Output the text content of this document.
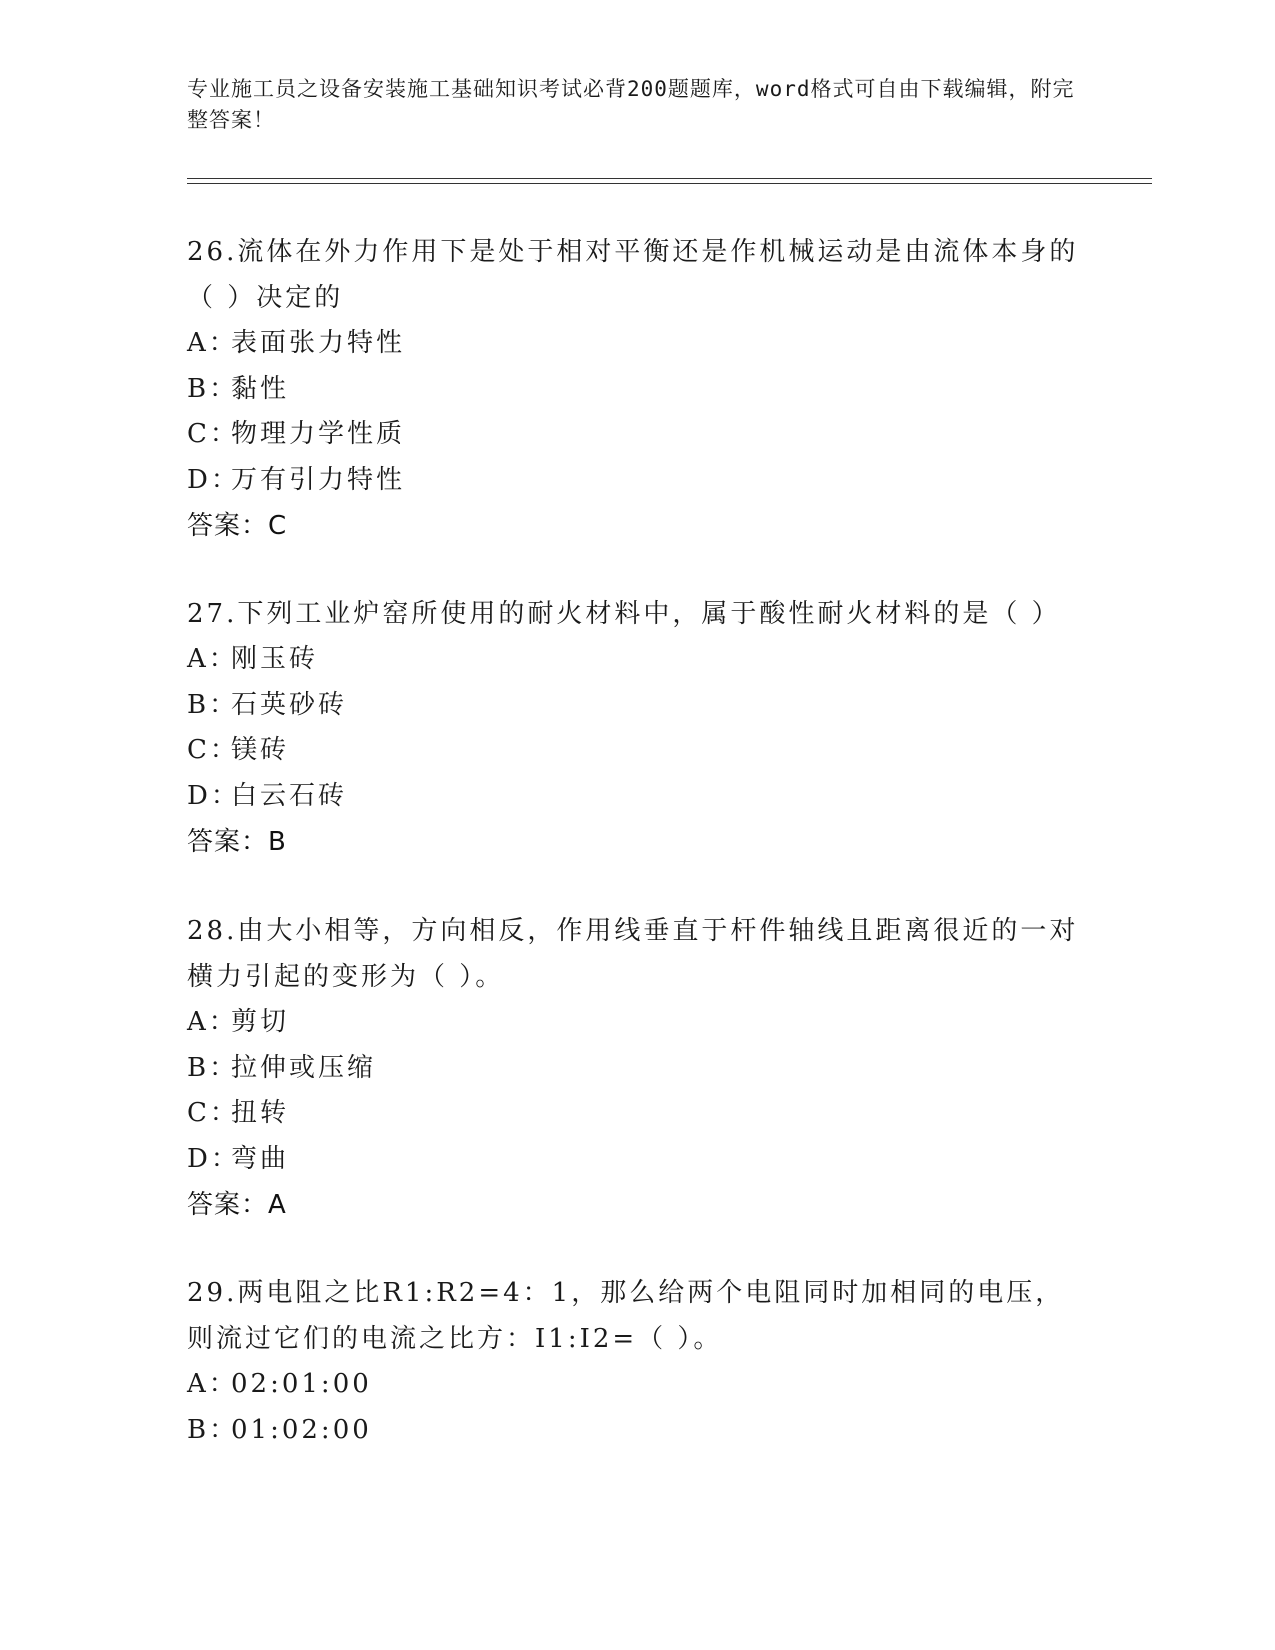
专业施工员之设备安装施工基础知识考试必背200题题库，word格式可自由下载编辑，附完整答案！
26.流体在外力作用下是处于相对平衡还是作机械运动是由流体本身的（ ）决定的
A：表面张力特性
B：黏性
C：物理力学性质
D：万有引力特性
答案：C
27.下列工业炉窑所使用的耐火材料中，属于酸性耐火材料的是（ ）
A：刚玉砖
B：石英砂砖
C：镁砖
D：白云石砖
答案：B
28.由大小相等，方向相反，作用线垂直于杆件轴线且距离很近的一对横力引起的变形为（ ）。
A：剪切
B：拉伸或压缩
C：扭转
D：弯曲
答案：A
29.两电阻之比R1:R2=4：1，那么给两个电阻同时加相同的电压，则流过它们的电流之比方：I1:I2=（ ）。
A：02:01:00
B：01:02:00
